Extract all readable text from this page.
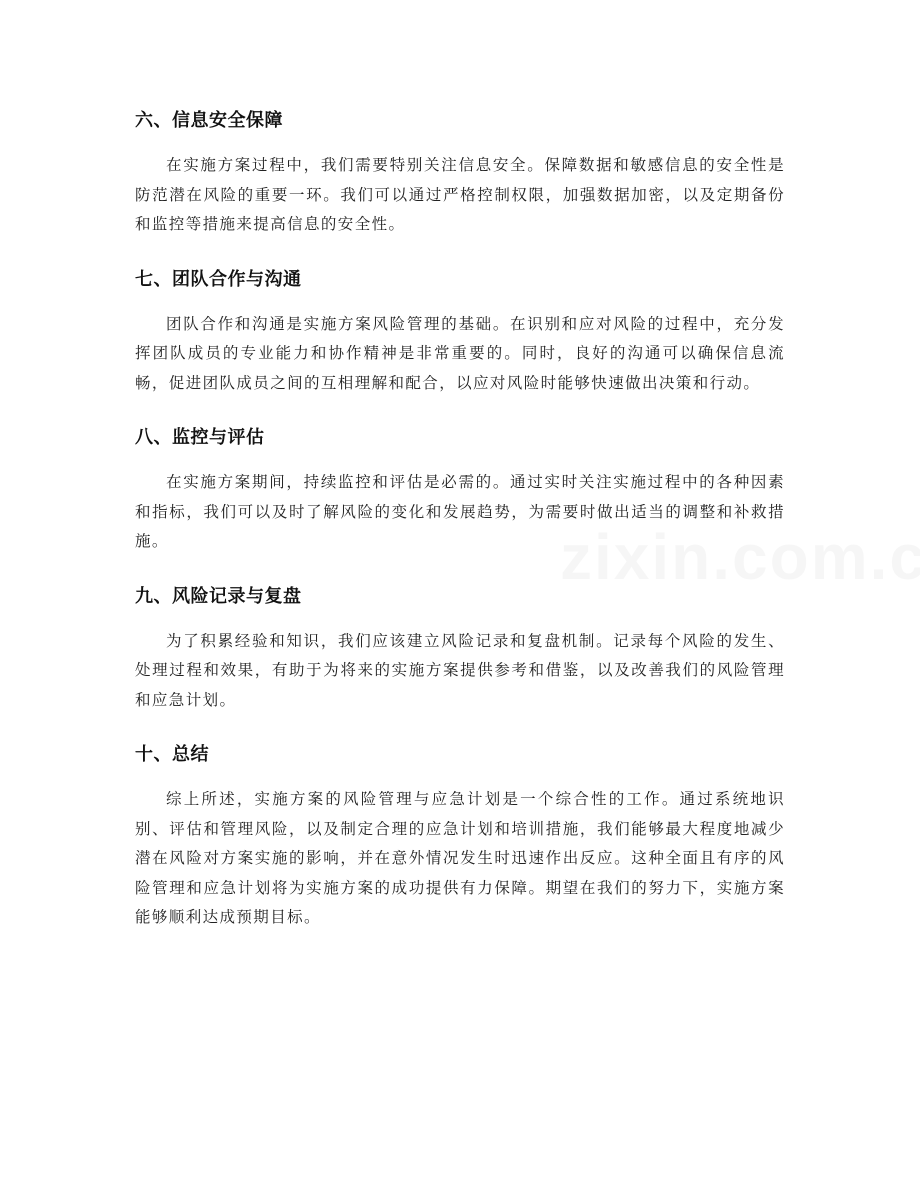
六、信息安全保障

在实施方案过程中，我们需要特别关注信息安全。保障数据和敏感信息的安全性是防范潜在风险的重要一环。我们可以通过严格控制权限，加强数据加密，以及定期备份和监控等措施来提高信息的安全性。

七、团队合作与沟通

团队合作和沟通是实施方案风险管理的基础。在识别和应对风险的过程中，充分发挥团队成员的专业能力和协作精神是非常重要的。同时，良好的沟通可以确保信息流畅，促进团队成员之间的互相理解和配合，以应对风险时能够快速做出决策和行动。

八、监控与评估

在实施方案期间，持续监控和评估是必需的。通过实时关注实施过程中的各种因素和指标，我们可以及时了解风险的变化和发展趋势，为需要时做出适当的调整和补救措施。

九、风险记录与复盘

为了积累经验和知识，我们应该建立风险记录和复盘机制。记录每个风险的发生、处理过程和效果，有助于为将来的实施方案提供参考和借鉴，以及改善我们的风险管理和应急计划。

十、总结

综上所述，实施方案的风险管理与应急计划是一个综合性的工作。通过系统地识别、评估和管理风险，以及制定合理的应急计划和培训措施，我们能够最大程度地减少潜在风险对方案实施的影响，并在意外情况发生时迅速作出反应。这种全面且有序的风险管理和应急计划将为实施方案的成功提供有力保障。期望在我们的努力下，实施方案能够顺利达成预期目标。
